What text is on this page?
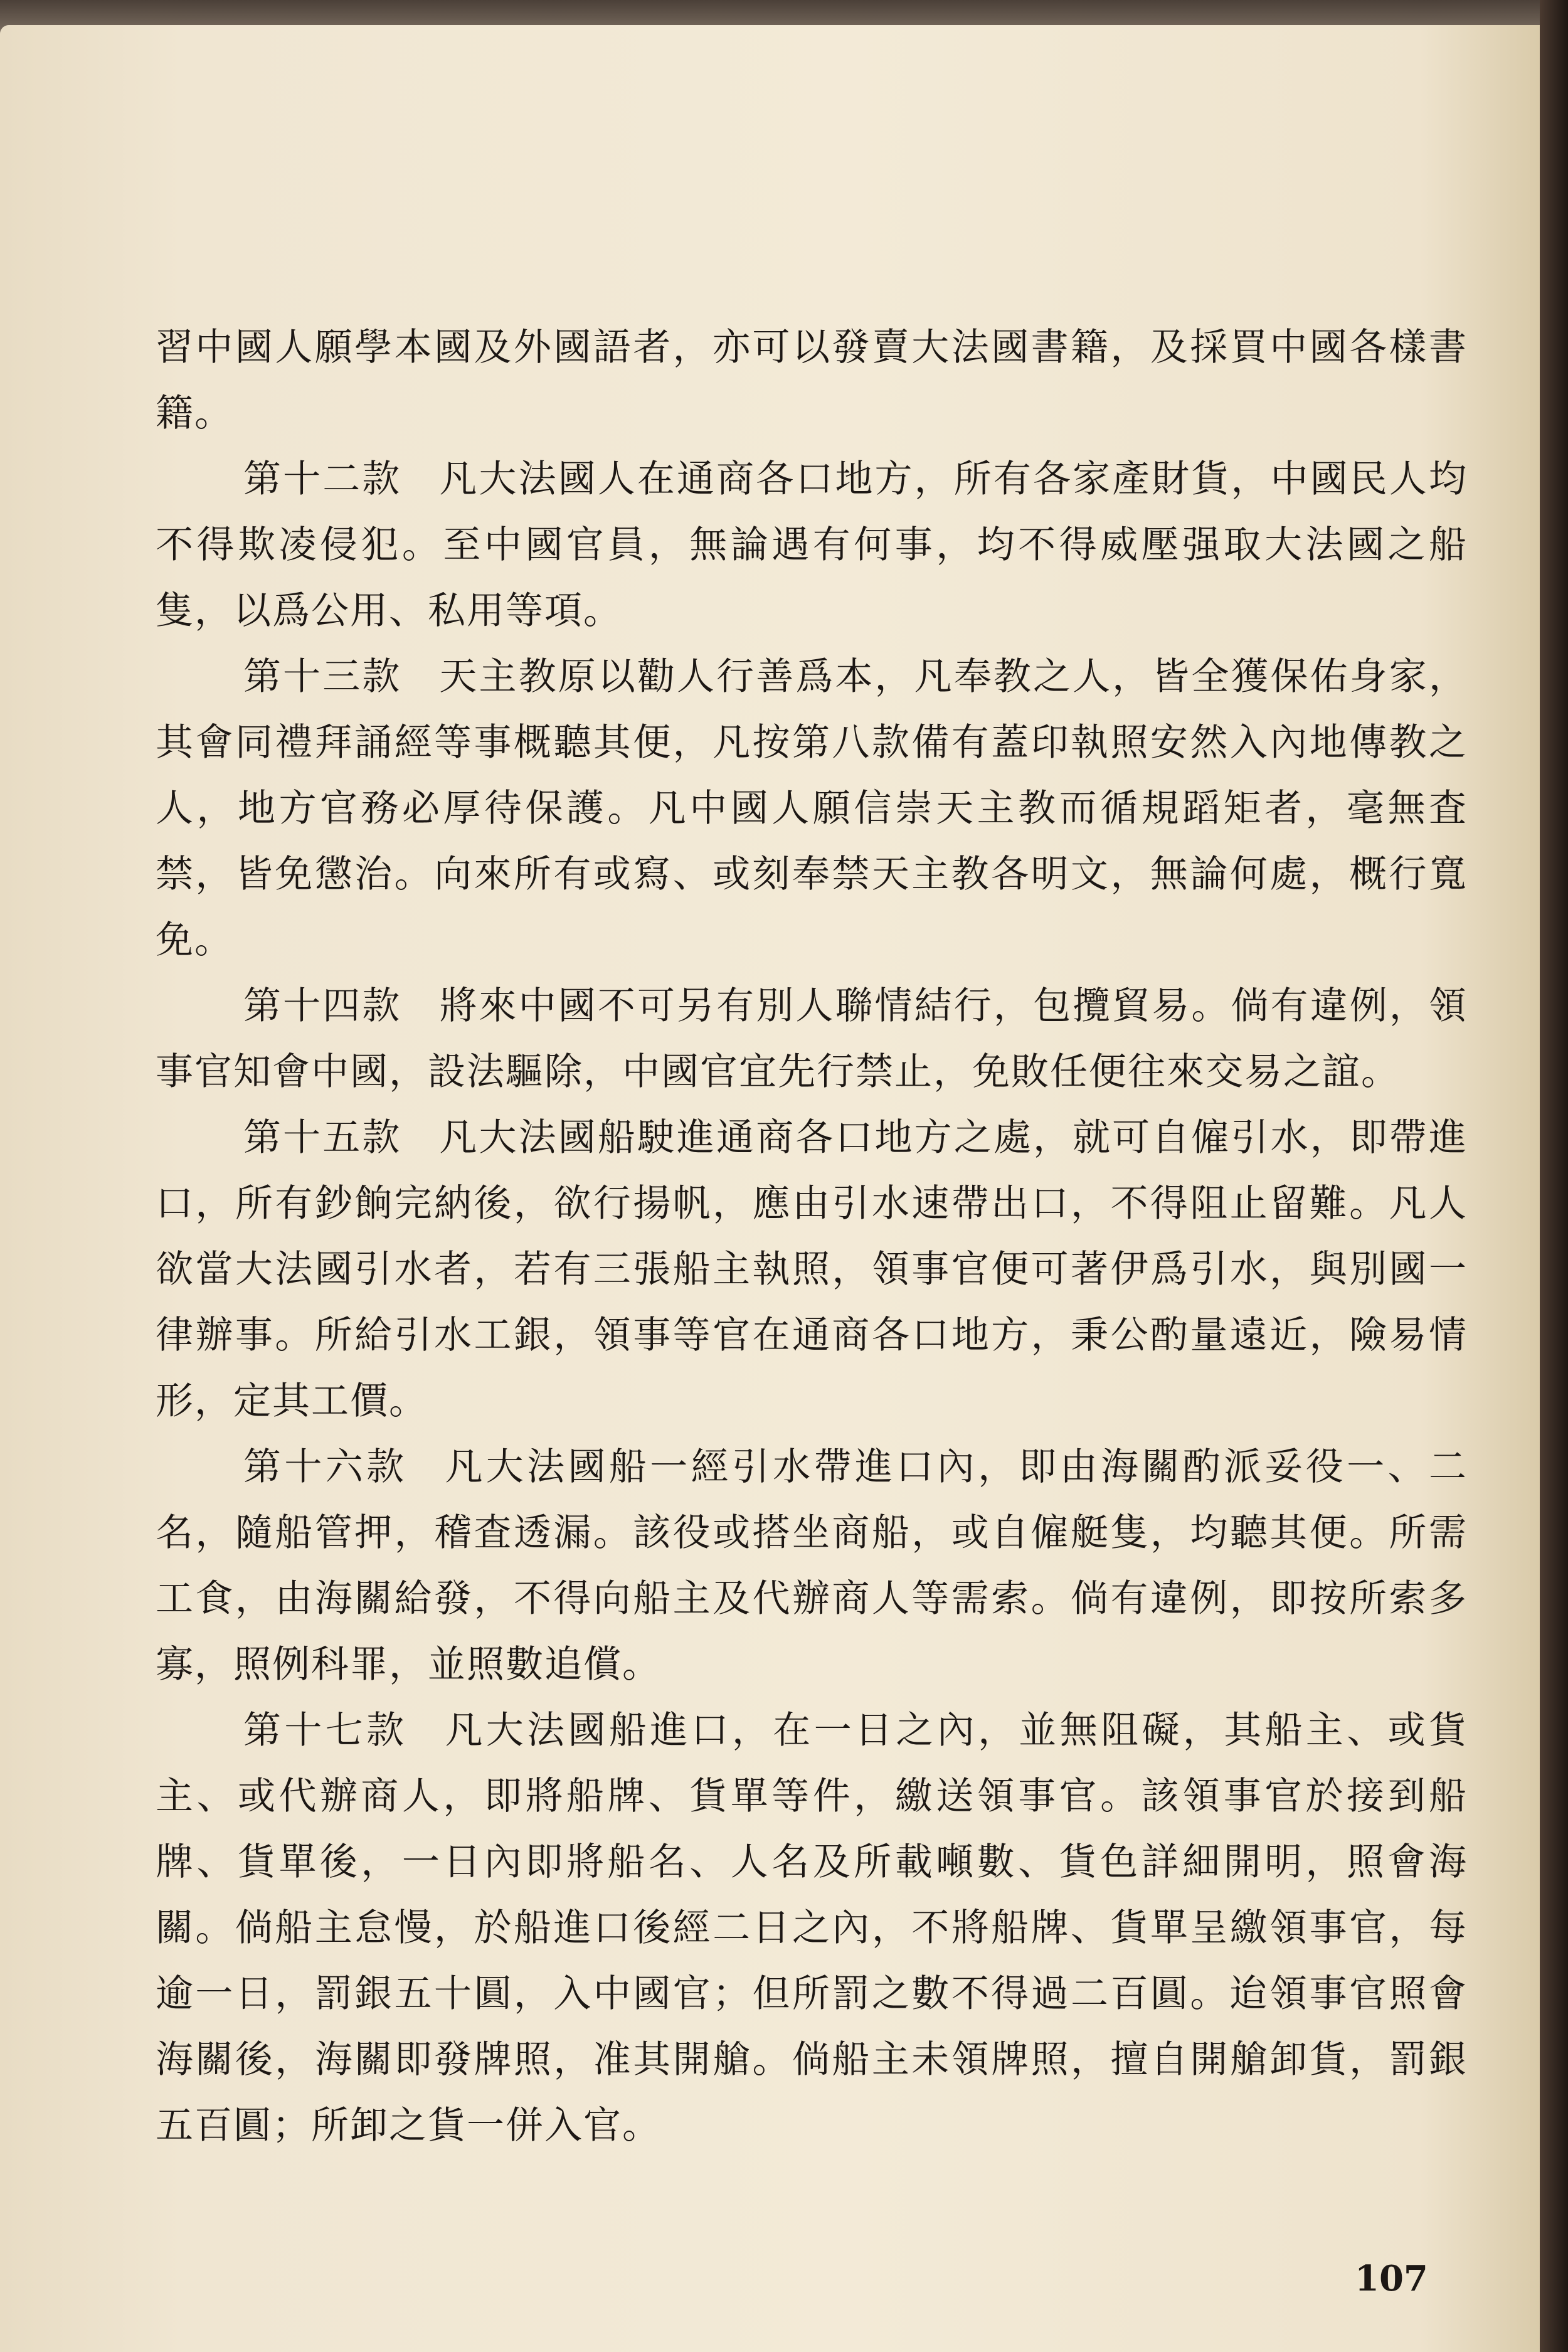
習中國人願學本國及外國語者，亦可以發賣大法國書籍，及採買中國各樣書籍。

第十二款 凡大法國人在通商各口地方，所有各家產財貨，中國民人均不得欺凌侵犯。至中國官員，無論遇有何事，均不得威壓强取大法國之船隻，以爲公用、私用等項。

第十三款 天主教原以勸人行善爲本，凡奉教之人，皆全獲保佑身家，其會同禮拜誦經等事概聽其便，凡按第八款備有蓋印執照安然入內地傳教之人，地方官務必厚待保護。凡中國人願信崇天主教而循規蹈矩者，毫無査禁，皆免懲治。向來所有或寫、或刻奉禁天主教各明文，無論何處，概行寬免。

第十四款 將來中國不可另有別人聯情結行，包攬貿易。倘有違例，領事官知會中國，設法驅除，中國官宜先行禁止，免敗任便往來交易之誼。

第十五款 凡大法國船駛進通商各口地方之處，就可自僱引水，即帶進口，所有鈔餉完納後，欲行揚帆，應由引水速帶出口，不得阻止留難。凡人欲當大法國引水者，若有三張船主執照，領事官便可著伊爲引水，與別國一律辦事。所給引水工銀，領事等官在通商各口地方，秉公酌量遠近，險易情形，定其工價。

第十六款 凡大法國船一經引水帶進口內，即由海關酌派妥役一、二名，隨船管押，稽査透漏。該役或搭坐商船，或自僱艇隻，均聽其便。所需工食，由海關給發，不得向船主及代辦商人等需索。倘有違例，即按所索多寡，照例科罪，並照數追償。

第十七款 凡大法國船進口，在一日之內，並無阻礙，其船主、或貨主、或代辦商人，即將船牌、貨單等件，繳送領事官。該領事官於接到船牌、貨單後，一日內即將船名、人名及所載噸數、貨色詳細開明，照會海關。倘船主怠慢，於船進口後經二日之內，不將船牌、貨單呈繳領事官，每逾一日，罰銀五十圓，入中國官；但所罰之數不得過二百圓。迨領事官照會海關後，海關即發牌照，准其開艙。倘船主未領牌照，擅自開艙卸貨，罰銀五百圓；所卸之貨一併入官。

107
